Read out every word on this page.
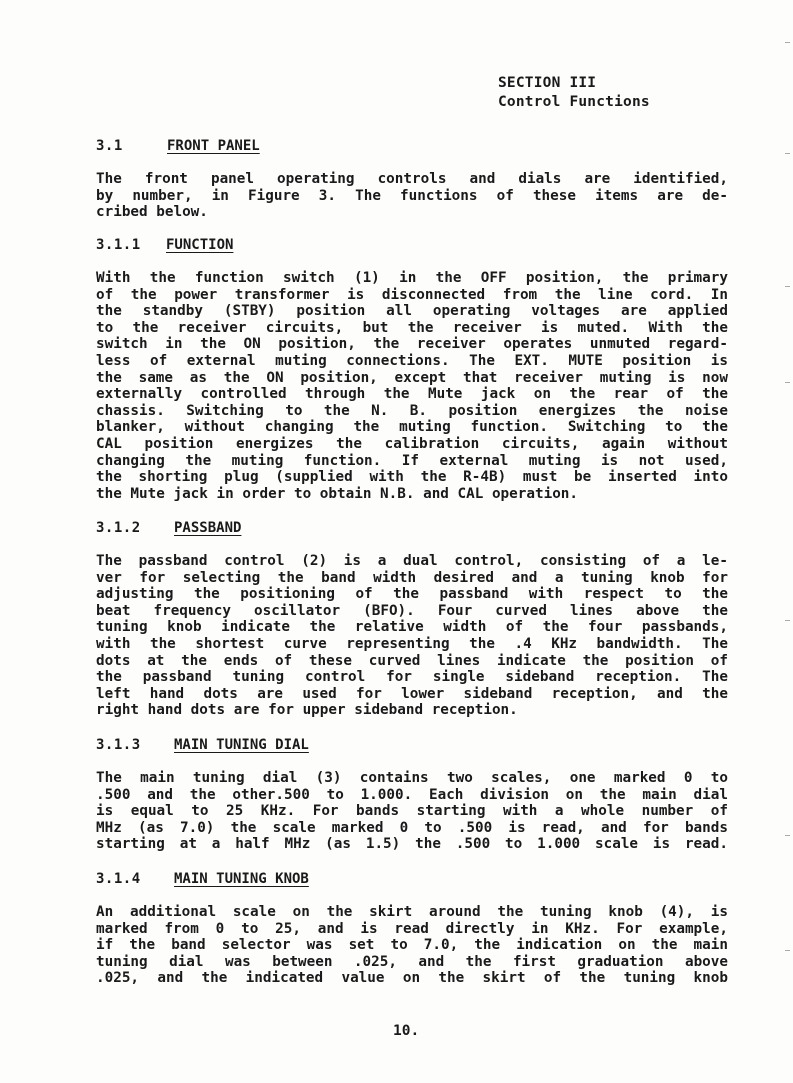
SECTION III
Control Functions
3.1	FRONT PANEL
The front panel operating controls and dials are identified,
by number, in Figure 3. The functions of these items are de-
cribed below.
3.1.1 FUNCTION
With the function switch (1) in the OFF position, the primary
of the power transformer is disconnected from the line cord. In
the standby (STBY) position all operating voltages are applied
to the receiver circuits, but the receiver is muted. With the
switch in the ON position, the receiver operates unmuted regard-
less of external muting connections. The EXT. MUTE position is
the same as the ON position, except that receiver muting is now
externally controlled through the Mute jack on the rear of the
chassis. Switching to the N. B. position energizes the noise
blanker, without changing the muting function. Switching to the
CAL position energizes the calibration circuits, again without
changing the muting function. If external muting is not used,
the shorting plug (supplied with the R-4B) must be inserted into
the Mute jack in order to obtain N.B. and CAL operation.
3.1.2 PASSBAND
The passband control (2) is a dual control, consisting of a le-
ver for selecting the band width desired and a tuning knob for
adjusting the positioning of the passband with respect to the
beat frequency oscillator (BFO). Four curved lines above the
tuning knob indicate the relative width of the four passbands,
with the shortest curve representing the .4 KHz bandwidth. The
dots at the ends of these curved lines indicate the position of
the passband tuning control for single sideband reception. The
left hand dots are used for lower sideband reception, and the
right hand dots are for upper sideband reception.
3.1.3 MAIN TUNING DIAL
The main tuning dial (3) contains two scales, one marked 0 to
.500 and the other.500 to 1.000. Each division on the main dial
is equal to 25 KHz. For bands starting with a whole number of
MHz (as 7.0) the scale marked 0 to .500 is read, and for bands
starting at a half MHz (as 1.5) the .500 to 1.000 scale is read.
3.1.4 MAIN TUNING KNOB
An additional scale on the skirt around the tuning knob (4), is
marked from 0 to 25, and is read directly in KHz. For example,
if the band selector was set to 7.0, the indication on the main
tuning dial was between .025, and the first graduation above
.025, and the indicated value on the skirt of the tuning knob
10.
